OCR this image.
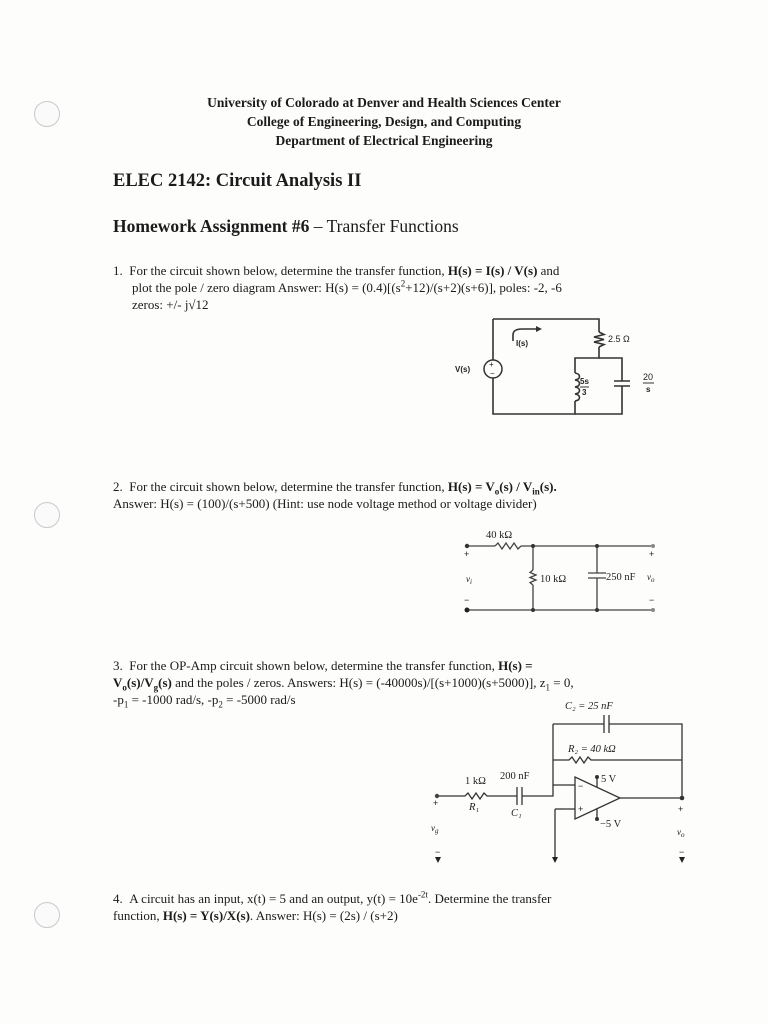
University of Colorado at Denver and Health Sciences Center
College of Engineering, Design, and Computing
Department of Electrical Engineering
ELEC 2142: Circuit Analysis II
Homework Assignment #6 – Transfer Functions

1. For the circuit shown below, determine the transfer function, H(s) = I(s) / V(s) and

plot the pole / zero diagram Answer: $H(s) = (0.4)[(s^2+12)/(s+2)(s+6)]$, poles: -2, -6

zeros: +/- j√12

+
−
I(s)
V(s)
2.5 Ω
5s
3
20
s

2. For the circuit shown below, determine the transfer function, $H(s) = V_o(s) / V_{in}(s)$.

Answer: H(s) = (100)/(s+500) (Hint: use node voltage method or voltage divider)

+
−
+
−
40 kΩ
10 kΩ	250 nF
$v_i$	$v_o$

3. For the OP-Amp circuit shown below, determine the transfer function, H(s) =

$V_o(s)/V_g(s)$ and the poles / zeros. Answers: H(s) = (-40000s)/[(s+1000)(s+5000)], $z_1 = 0$,

$-p_1 = -1000$ rad/s, $-p_2 = -5000$ rad/s

−
+
+
−
+
−
C₂ = 25 nF
R₂ = 40 kΩ
1 kΩ
R₁
200 nF
C₁
5 V
−5 V
$v_g$	$v_o$

4. A circuit has an input, x(t) = 5 and an output, $y(t) = 10e^{-2t}$. Determine the transfer

function, H(s) = Y(s)/X(s). Answer: H(s) = (2s) / (s+2)
